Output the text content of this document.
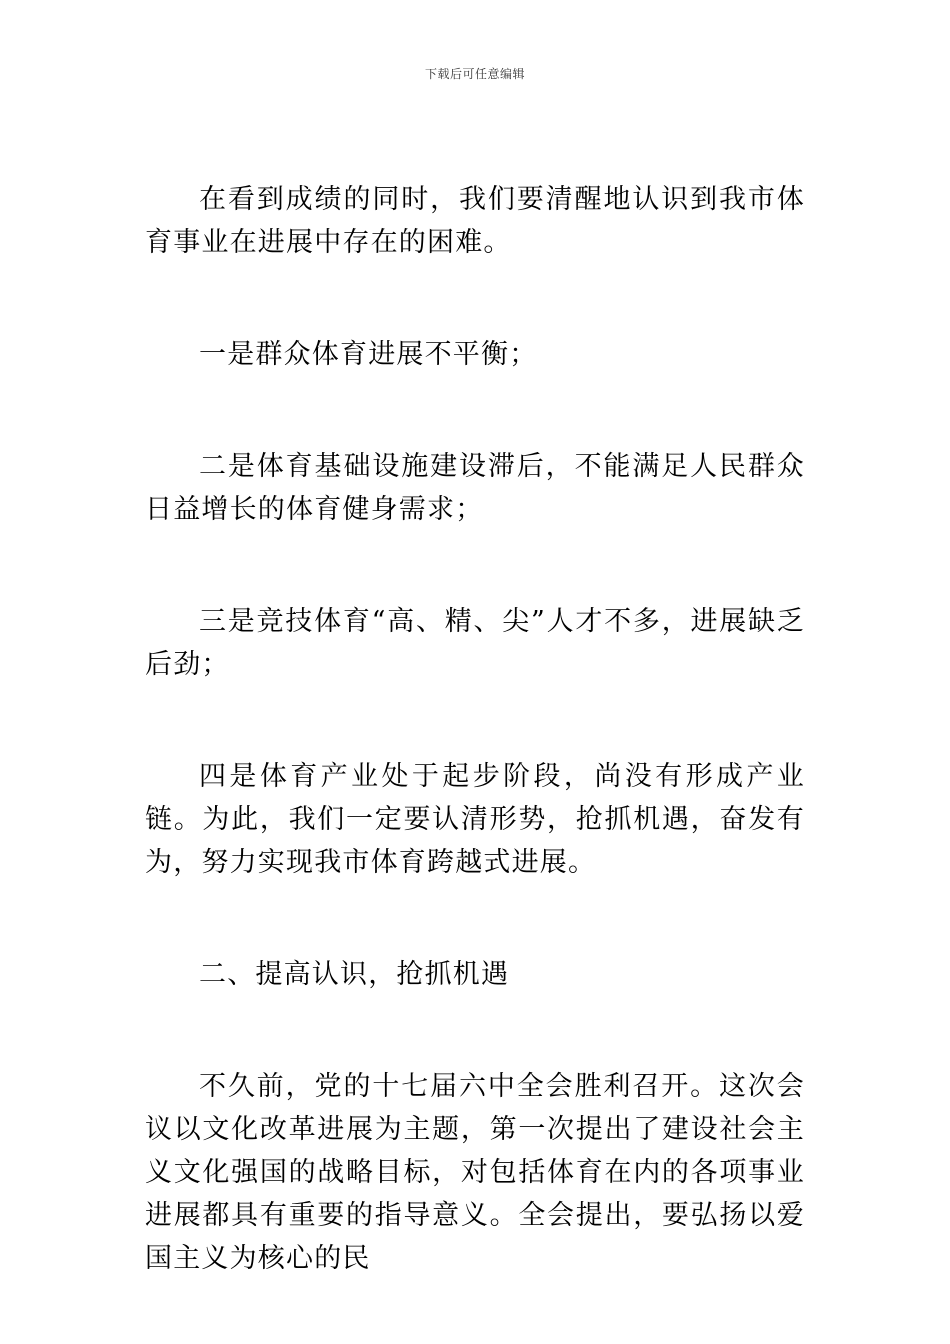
下载后可任意编辑

在看到成绩的同时，我们要清醒地认识到我市体育事业在进展中存在的困难。

一是群众体育进展不平衡；

二是体育基础设施建设滞后，不能满足人民群众日益增长的体育健身需求；

三是竞技体育“高、精、尖”人才不多，进展缺乏后劲；

四是体育产业处于起步阶段，尚没有形成产业链。为此，我们一定要认清形势，抢抓机遇，奋发有为，努力实现我市体育跨越式进展。

二、提高认识，抢抓机遇

不久前，党的十七届六中全会胜利召开。这次会议以文化改革进展为主题，第一次提出了建设社会主义文化强国的战略目标，对包括体育在内的各项事业进展都具有重要的指导意义。全会提出，要弘扬以爱国主义为核心的民
